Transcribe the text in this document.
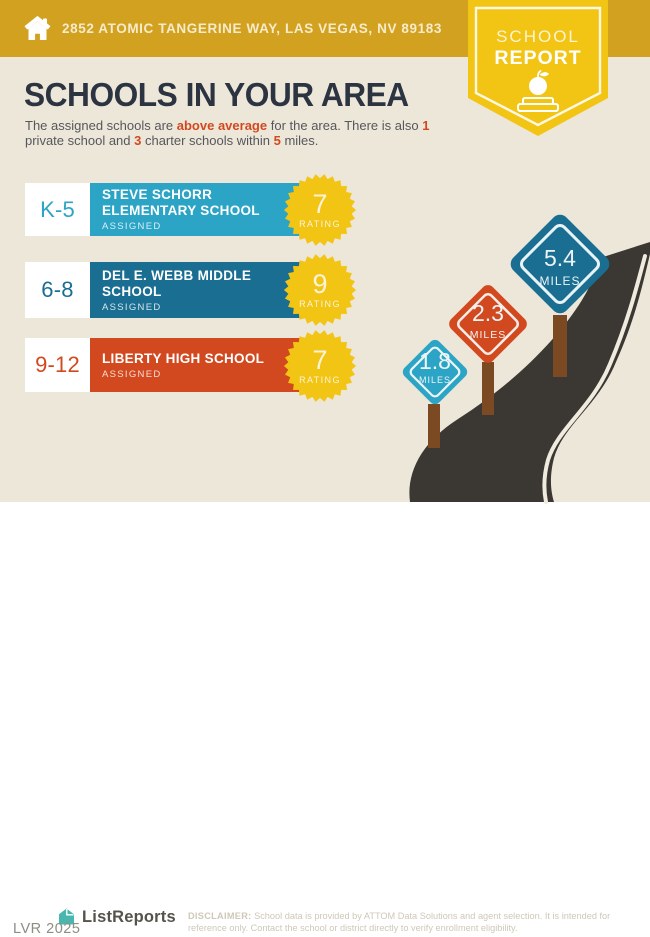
2852 ATOMIC TANGERINE WAY, LAS VEGAS, NV 89183	SCHOOL
REPORT
SCHOOLS IN YOUR AREA
The assigned schools are above average for the area. There is also 1 private school and 3 charter schools within 5 miles.
1.8
MILES
2.3
MILES
5.4
MILES
K-5
STEVE SCHORR
ELEMENTARY SCHOOL
ASSIGNED
6-8
DEL E. WEBB MIDDLE
SCHOOL
ASSIGNED
9-12	LIBERTY HIGH SCHOOL
ASSIGNED
7
RATING
9
RATING
7
RATING
ListReports
LVR 2025
DISCLAIMER: School data is provided by ATTOM Data Solutions and agent selection. It is intended for reference only. Contact the school or district directly to verify enrollment eligibility.
